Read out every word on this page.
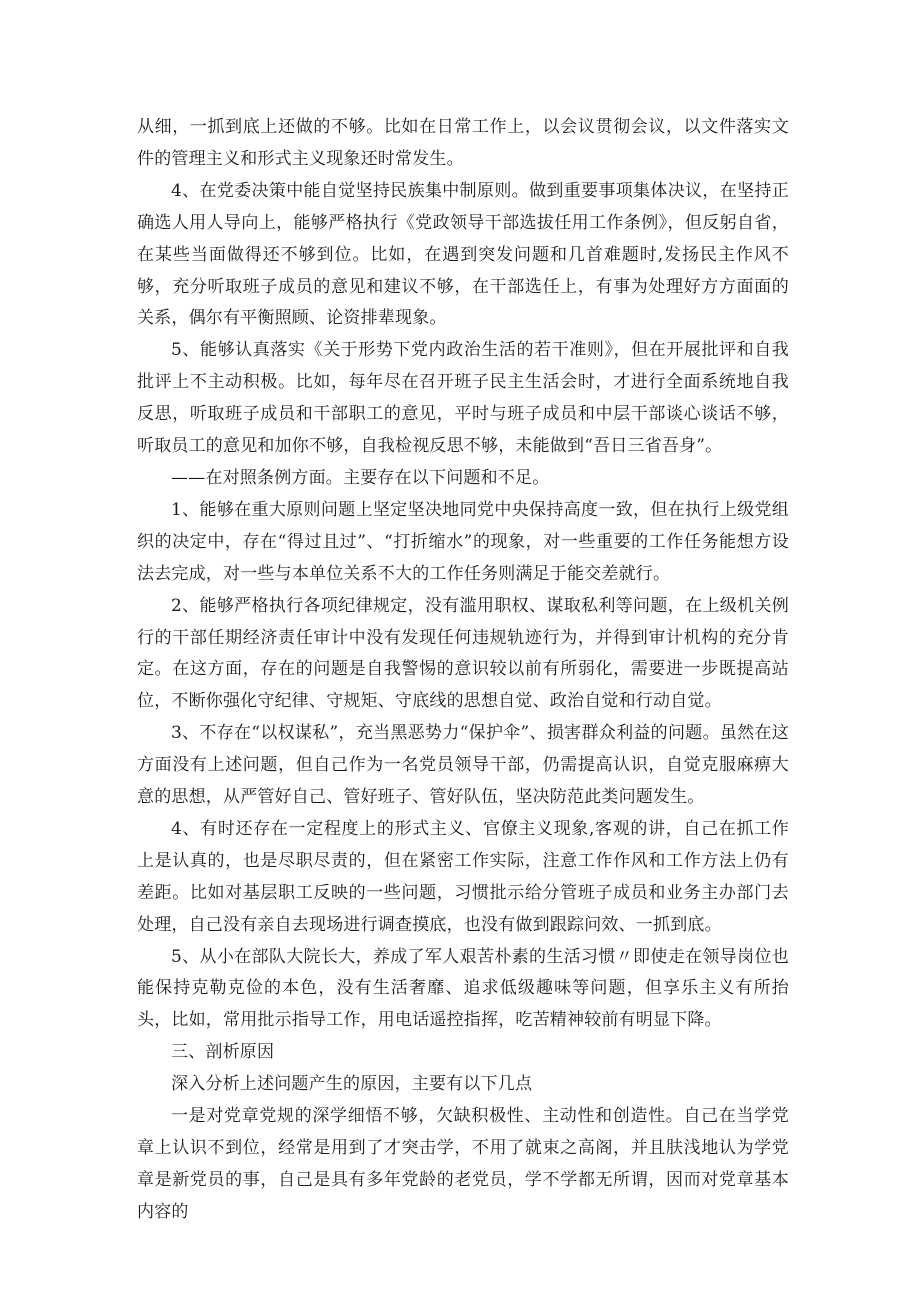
从细，一抓到底上还做的不够。比如在日常工作上，以会议贯彻会议，以文件落实文件的管理主义和形式主义现象还时常发生。

4、在党委决策中能自觉坚持民族集中制原则。做到重要事项集体决议，在坚持正确选人用人导向上，能够严格执行《党政领导干部选拔任用工作条例》，但反躬自省，在某些当面做得还不够到位。比如，在遇到突发问题和几首难题时,发扬民主作风不够，充分听取班子成员的意见和建议不够，在干部选任上，有事为处理好方方面面的关系，偶尔有平衡照顾、论资排辈现象。

5、能够认真落实《关于形势下党内政治生活的若干准则》，但在开展批评和自我批评上不主动积极。比如，每年尽在召开班子民主生活会时，才进行全面系统地自我反思，听取班子成员和干部职工的意见，平时与班子成员和中层干部谈心谈话不够，听取员工的意见和加你不够，自我检视反思不够，未能做到“吾日三省吾身”。

——在对照条例方面。主要存在以下问题和不足。

1、能够在重大原则问题上坚定坚决地同党中央保持高度一致，但在执行上级党组织的决定中，存在“得过且过”、“打折缩水”的现象，对一些重要的工作任务能想方设法去完成，对一些与本单位关系不大的工作任务则满足于能交差就行。

2、能够严格执行各项纪律规定，没有滥用职权、谋取私利等问题，在上级机关例行的干部任期经济责任审计中没有发现任何违规轨迹行为，并得到审计机构的充分肯定。在这方面，存在的问题是自我警惕的意识较以前有所弱化，需要进一步既提高站位，不断你强化守纪律、守规矩、守底线的思想自觉、政治自觉和行动自觉。

3、不存在“以权谋私”，充当黑恶势力“保护伞”、损害群众利益的问题。虽然在这方面没有上述问题，但自己作为一名党员领导干部，仍需提高认识，自觉克服麻痹大意的思想，从严管好自己、管好班子、管好队伍，坚决防范此类问题发生。

4、有时还存在一定程度上的形式主义、官僚主义现象,客观的讲，自己在抓工作上是认真的，也是尽职尽责的，但在紧密工作实际，注意工作作风和工作方法上仍有差距。比如对基层职工反映的一些问题，习惯批示给分管班子成员和业务主办部门去处理，自己没有亲自去现场进行调查摸底，也没有做到跟踪问效、一抓到底。

5、从小在部队大院长大，养成了军人艰苦朴素的生活习惯〃即使走在领导岗位也能保持克勒克俭的本色，没有生活奢靡、追求低级趣味等问题，但享乐主义有所抬头，比如，常用批示指导工作，用电话遥控指挥，吃苦精神较前有明显下降。

三、剖析原因

深入分析上述问题产生的原因，主要有以下几点

一是对党章党规的深学细悟不够，欠缺积极性、主动性和创造性。自己在当学党章上认识不到位，经常是用到了才突击学，不用了就束之高阁，并且肤浅地认为学党章是新党员的事，自己是具有多年党龄的老党员，学不学都无所谓，因而对党章基本内容的
